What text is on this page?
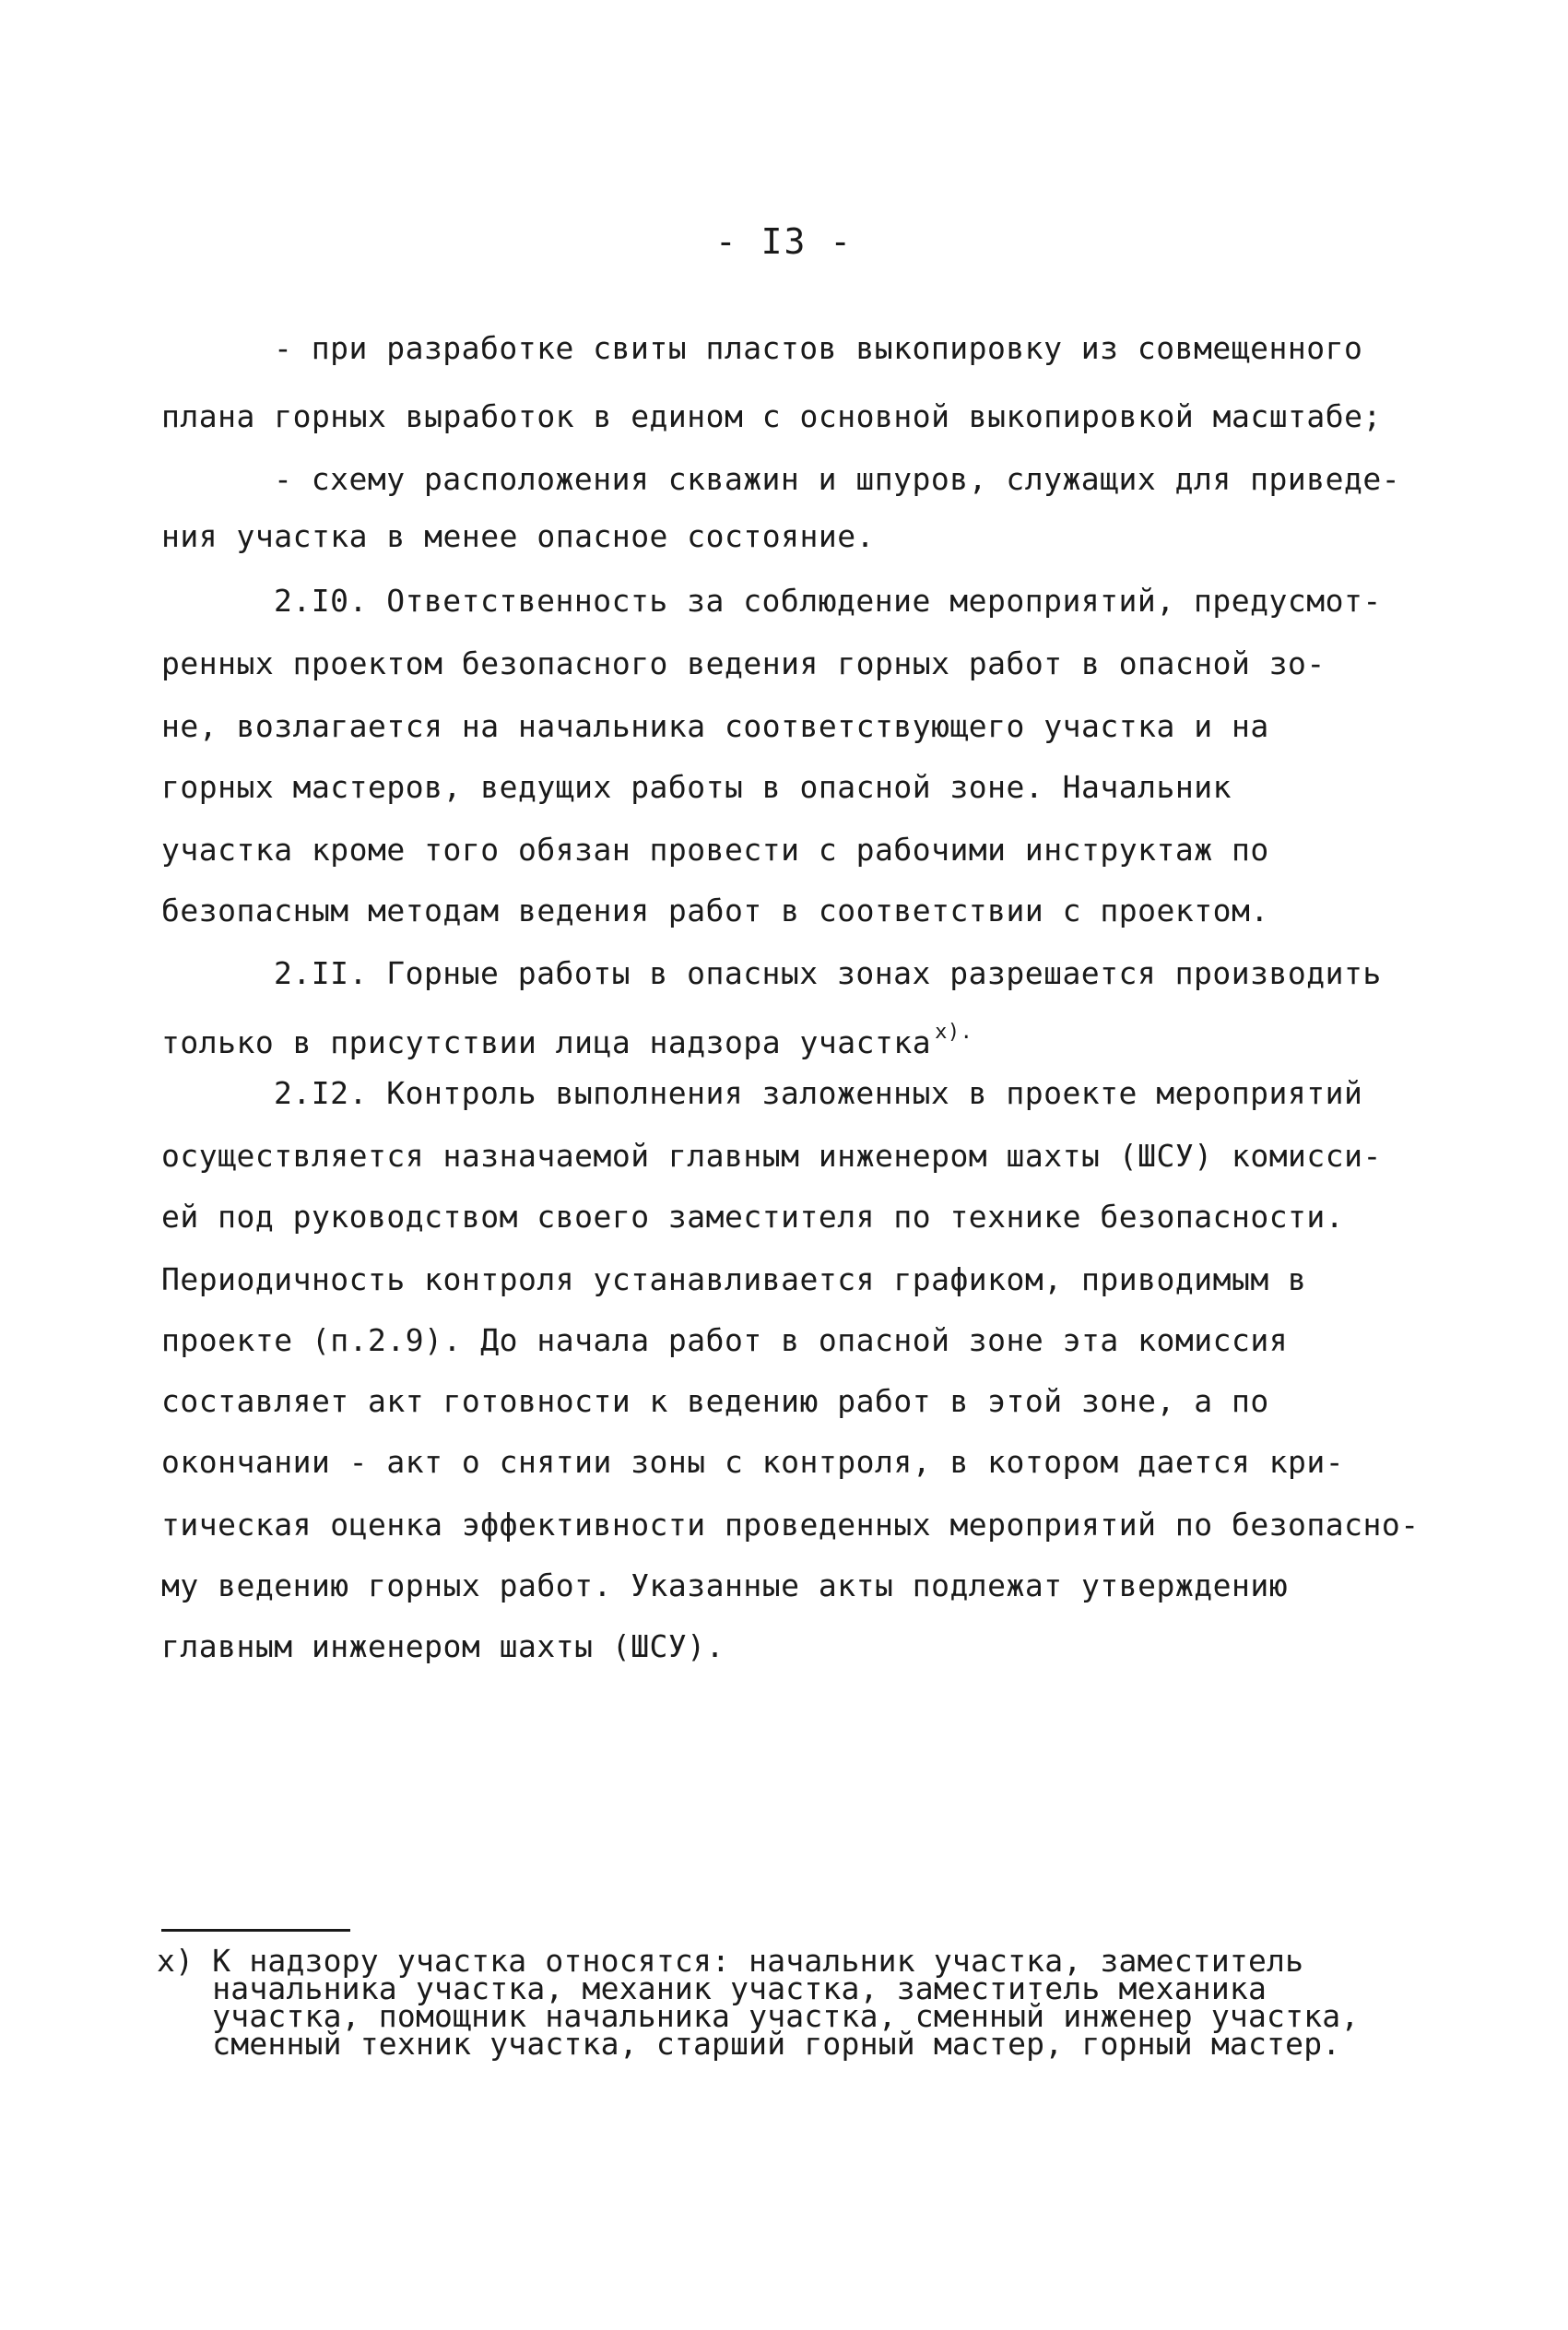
- I3 -
- при разработке свиты пластов выкопировку из совмещенного
плана горных выработок в едином с основной выкопировкой масштабе;
- схему расположения скважин и шпуров, служащих для приведе-
ния участка в менее опасное состояние.
2.I0. Ответственность за соблюдение мероприятий, предусмот-
ренных проектом безопасного ведения горных работ в опасной зо-
не, возлагается на начальника соответствующего участка и на
горных мастеров, ведущих работы в опасной зоне. Начальник
участка кроме того обязан провести с рабочими инструктаж по
безопасным методам ведения работ в соответствии с проектом.
2.II. Горные работы в опасных зонах разрешается производить
только в присутствии лица надзора участка $^{x).}$
2.I2. Контроль выполнения заложенных в проекте мероприятий
осуществляется назначаемой главным инженером шахты (ШСУ) комисси-
ей под руководством своего заместителя по технике безопасности.
Периодичность контроля устанавливается графиком, приводимым в
проекте (п.2.9). До начала работ в опасной зоне эта комиссия
составляет акт готовности к ведению работ в этой зоне, а по
окончании - акт о снятии зоны с контроля, в котором дается кри-
тическая оценка эффективности проведенных мероприятий по безопасно-
му ведению горных работ. Указанные акты подлежат утверждению
главным инженером шахты (ШСУ).
x) К надзору участка относятся: начальник участка, заместитель
начальника участка, механик участка, заместитель механика
участка, помощник начальника участка, сменный инженер участка,
сменный техник участка, старший горный мастер, горный мастер.
